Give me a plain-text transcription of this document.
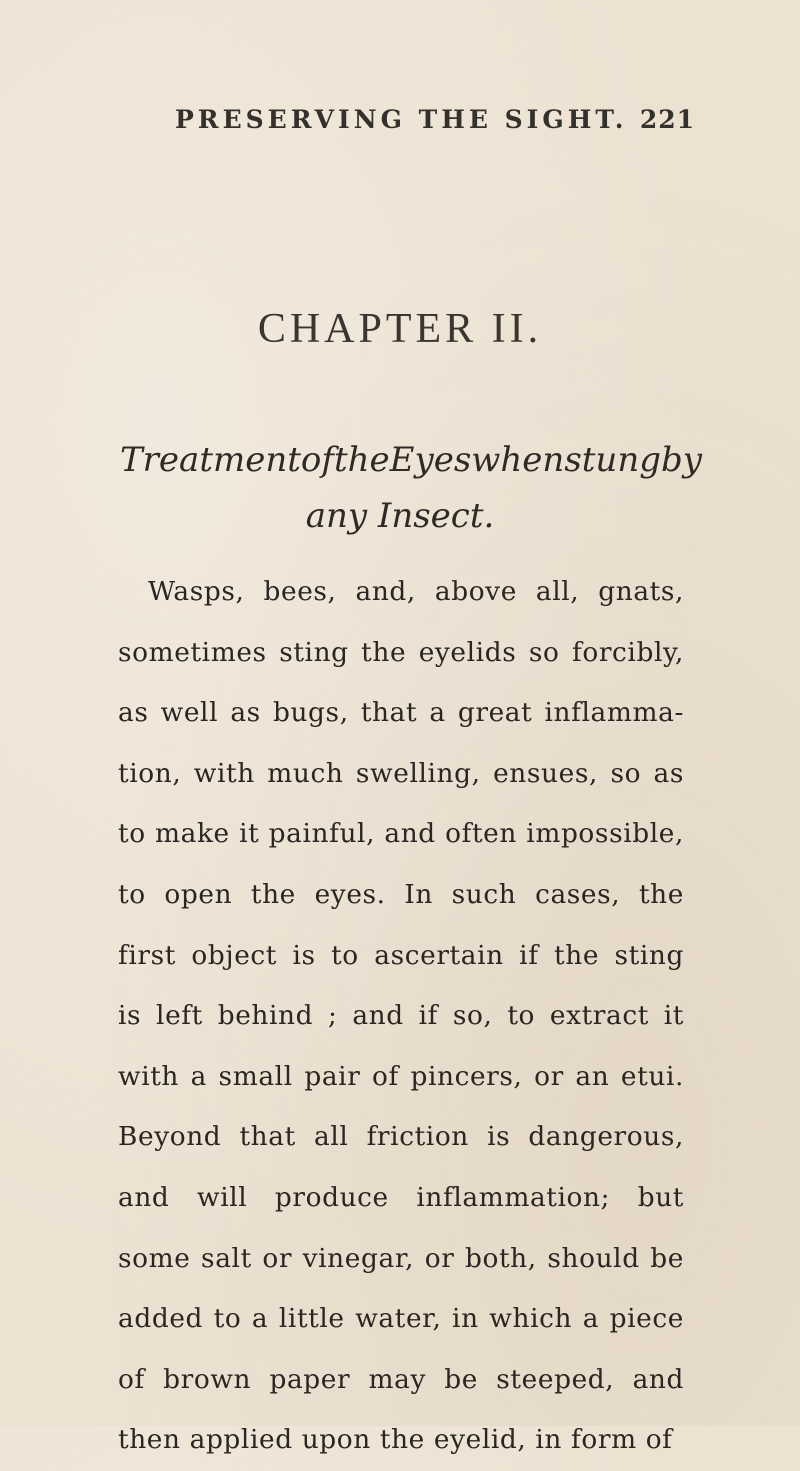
PRESERVING THE SIGHT. 221
CHAPTER II.
Treatment of the Eyes when stung by
any Insect.
Wasps, bees, and, above all, gnats,
sometimes sting the eyelids so forcibly,
as well as bugs, that a great inflamma-
tion, with much swelling, ensues, so as
to make it painful, and often impossible,
to open the eyes. In such cases, the
first object is to ascertain if the sting
is left behind ; and if so, to extract it
with a small pair of pincers, or an etui.
Beyond that all friction is dangerous,
and will produce inflammation; but
some salt or vinegar, or both, should be
added to a little water, in which a piece
of brown paper may be steeped, and
then applied upon the eyelid, in form of
